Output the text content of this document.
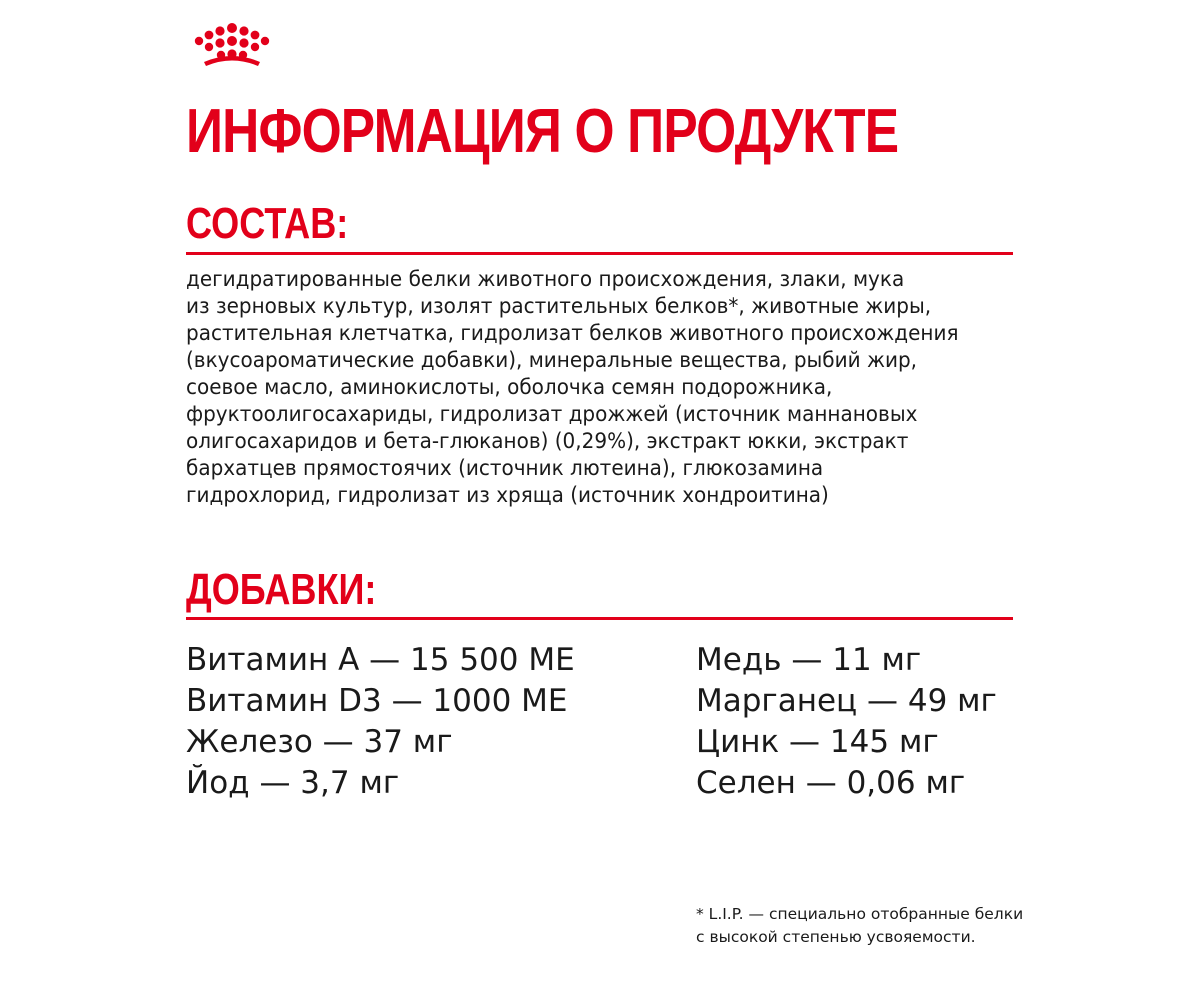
ИНФОРМАЦИЯ О ПРОДУКТЕ
СОСТАВ:

дегидратированные белки животного происхождения, злаки, мука
из зерновых культур, изолят растительных белков*, животные жиры,
растительная клетчатка, гидролизат белков животного происхождения
(вкусоароматические добавки), минеральные вещества, рыбий жир,
соевое масло, аминокислоты, оболочка семян подорожника,
фруктоолигосахариды, гидролизат дрожжей (источник маннановых
олигосахаридов и бета-глюканов) (0,29%), экстракт юкки, экстракт
бархатцев прямостоячих (источник лютеина), глюкозамина
гидрохлорид, гидролизат из хряща (источник хондроитина)

ДОБАВКИ:
Витамин А — 15 500 МЕ
Витамин D3 — 1000 МЕ
Железо — 37 мг
Йод — 3,7 мг
Медь — 11 мг
Марганец — 49 мг
Цинк — 145 мг
Селен — 0,06 мг
* L.I.P. — специально отобранные белки
с высокой степенью усвояемости.
